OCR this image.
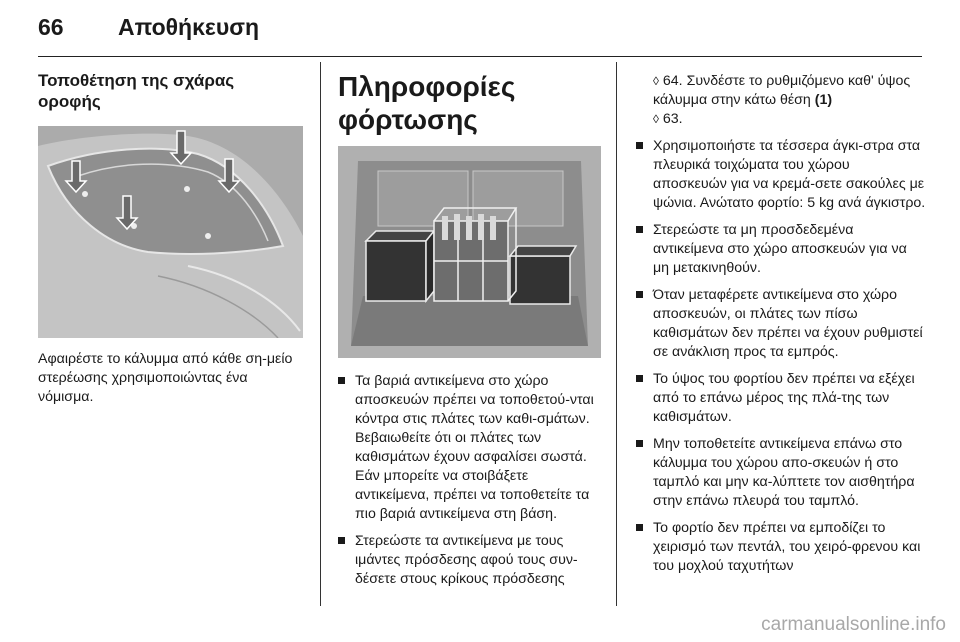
66 Αποθήκευση
Τοποθέτηση της σχάρας οροφής

Αφαιρέστε το κάλυμμα από κάθε ση-μείο στερέωσης χρησιμοποιώντας ένα νόμισμα.

Πληροφορίες φόρτωσης
Τα βαριά αντικείμενα στο χώρο αποσκευών πρέπει να τοποθετού-νται κόντρα στις πλάτες των καθι-σμάτων. Βεβαιωθείτε ότι οι πλάτες των καθισμάτων έχουν ασφαλίσει σωστά. Εάν μπορείτε να στοιβάξετε αντικείμενα, πρέπει να τοποθετείτε τα πιο βαριά αντικείμενα στη βάση.
Στερεώστε τα αντικείμενα με τους ιμάντες πρόσδεσης αφού τους συν-δέσετε στους κρίκους πρόσδεσης

◊ 64. Συνδέστε το ρυθμιζόμενο καθ' ύψος κάλυμμα στην κάτω θέση (1)
◊ 63.

Χρησιμοποιήστε τα τέσσερα άγκι-στρα στα πλευρικά τοιχώματα του χώρου αποσκευών για να κρεμά-σετε σακούλες με ψώνια. Ανώτατο φορτίο: 5 kg ανά άγκιστρο.
Στερεώστε τα μη προσδεδεμένα αντικείμενα στο χώρο αποσκευών για να μη μετακινηθούν.
Όταν μεταφέρετε αντικείμενα στο χώρο αποσκευών, οι πλάτες των πίσω καθισμάτων δεν πρέπει να έχουν ρυθμιστεί σε ανάκλιση προς τα εμπρός.
Το ύψος του φορτίου δεν πρέπει να εξέχει από το επάνω μέρος της πλά-της των καθισμάτων.
Μην τοποθετείτε αντικείμενα επάνω στο κάλυμμα του χώρου απο-σκευών ή στο ταμπλό και μην κα-λύπτετε τον αισθητήρα στην επάνω πλευρά του ταμπλό.
Το φορτίο δεν πρέπει να εμποδίζει το χειρισμό των πεντάλ, του χειρό-φρενου και του μοχλού ταχυτήτων
carmanualsonline.info
